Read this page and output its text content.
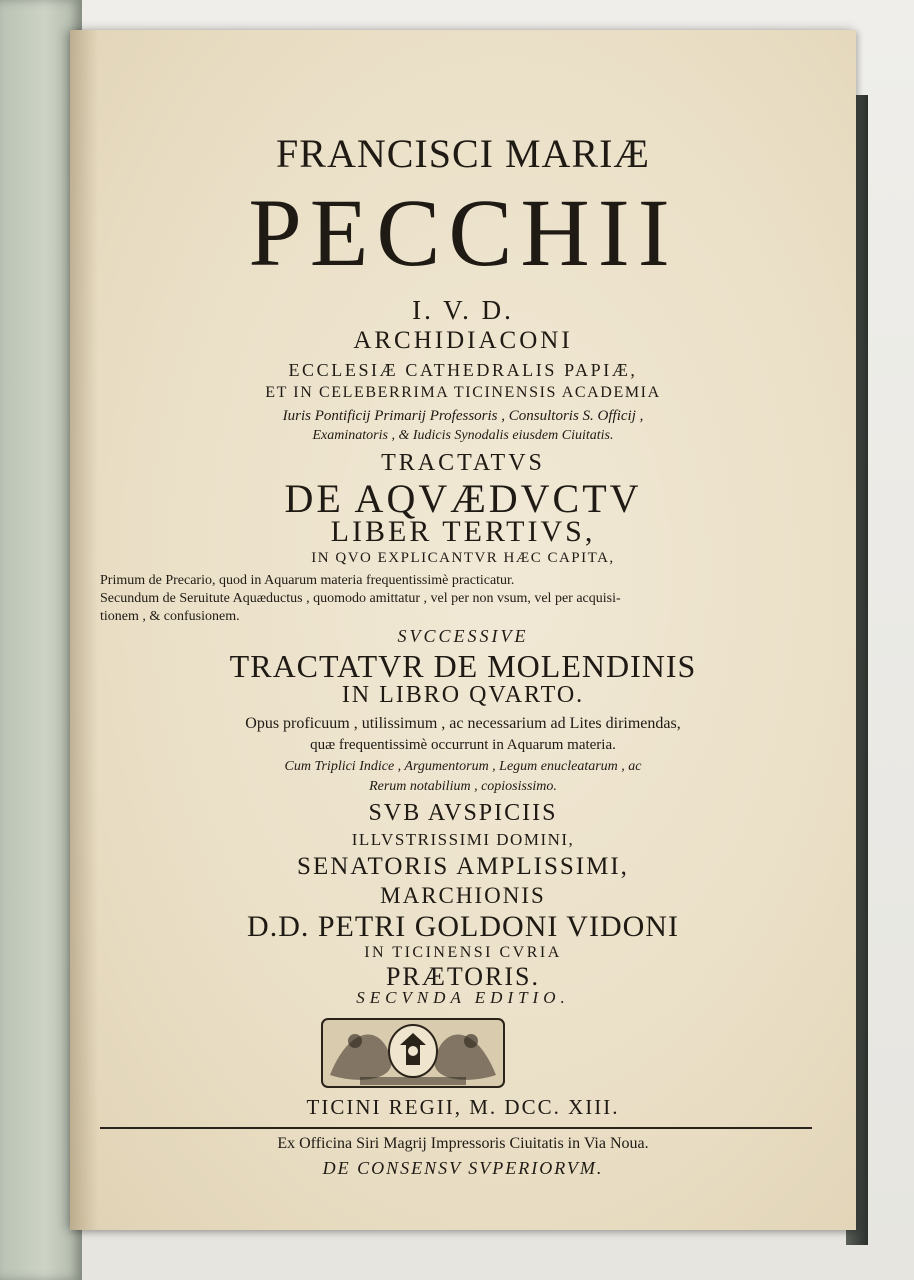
FRANCISCI MARIÆ
PECCHII
I. V. D.
ARCHIDIACONI
ECCLESIÆ CATHEDRALIS PAPIÆ,
ET IN CELEBERRIMA TICINENSIS ACADEMIA
Iuris Pontificij Primarij Professoris , Consultoris S. Officij ,
Examinatoris , & Iudicis Synodalis eiusdem Ciuitatis.
TRACTATVS
DE AQVÆDVCTV
LIBER TERTIVS,
IN QVO EXPLICANTVR HÆC CAPITA,
Primum de Precario, quod in Aquarum materia frequentissimè practicatur.
Secundum de Seruitute Aquæductus , quomodo amittatur , vel per non vsum, vel per acquisi-
tionem , & confusionem.
SVCCESSIVE
TRACTATVR DE MOLENDINIS
IN LIBRO QVARTO.
Opus proficuum , utilissimum , ac necessarium ad Lites dirimendas,
quæ frequentissimè occurrunt in Aquarum materia.
Cum Triplici Indice , Argumentorum , Legum enucleatarum , ac
Rerum notabilium , copiosissimo.
SVB AVSPICIIS
ILLVSTRISSIMI DOMINI,
SENATORIS AMPLISSIMI,
MARCHIONIS
D.D. PETRI GOLDONI VIDONI
IN TICINENSI CVRIA
PRÆTORIS.
SECVNDA EDITIO.
TICINI REGII, M. DCC. XIII.
Ex Officina Siri Magrij Impressoris Ciuitatis in Via Noua.
DE CONSENSV SVPERIORVM.
